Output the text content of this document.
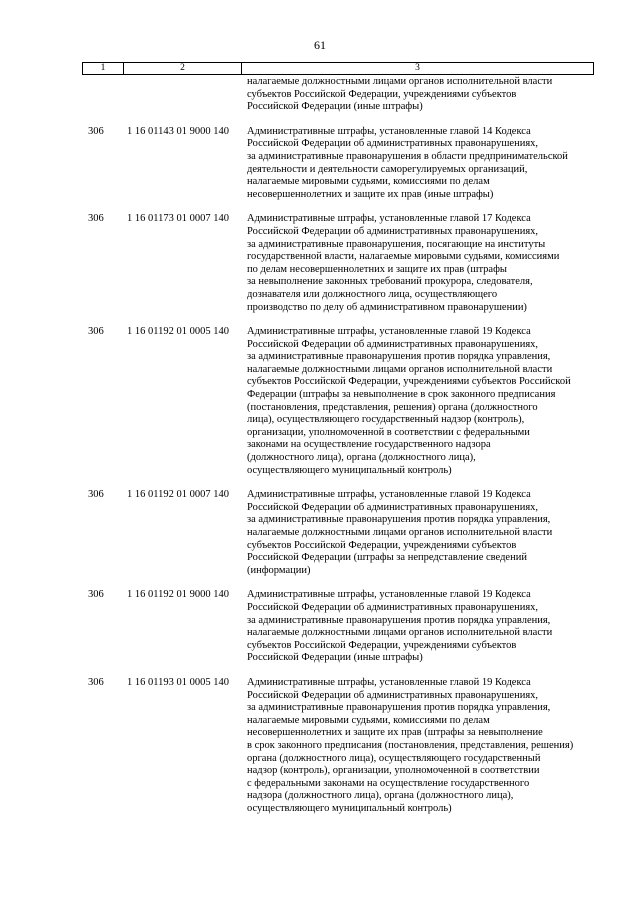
61
1	2	3
налагаемые должностными лицами органов исполнительной власти
субъектов Российской Федерации, учреждениями субъектов
Российской Федерации (иные штрафы)
306	1 16 01143 01 9000 140	Административные штрафы, установленные главой 14 Кодекса
Российской Федерации об административных правонарушениях,
за административные правонарушения в области предпринимательской
деятельности и деятельности саморегулируемых организаций,
налагаемые мировыми судьями, комиссиями по делам
несовершеннолетних и защите их прав (иные штрафы)
306	1 16 01173 01 0007 140	Административные штрафы, установленные главой 17 Кодекса
Российской Федерации об административных правонарушениях,
за административные правонарушения, посягающие на институты
государственной власти, налагаемые мировыми судьями, комиссиями
по делам несовершеннолетних и защите их прав (штрафы
за невыполнение законных требований прокурора, следователя,
дознавателя или должностного лица, осуществляющего
производство по делу об административном правонарушении)
306	1 16 01192 01 0005 140	Административные штрафы, установленные главой 19 Кодекса
Российской Федерации об административных правонарушениях,
за административные правонарушения против порядка управления,
налагаемые должностными лицами органов исполнительной власти
субъектов Российской Федерации, учреждениями субъектов Российской
Федерации (штрафы за невыполнение в срок законного предписания
(постановления, представления, решения) органа (должностного
лица), осуществляющего государственный надзор (контроль),
организации, уполномоченной в соответствии с федеральными
законами на осуществление государственного надзора
(должностного лица), органа (должностного лица),
осуществляющего муниципальный контроль)
306	1 16 01192 01 0007 140	Административные штрафы, установленные главой 19 Кодекса
Российской Федерации об административных правонарушениях,
за административные правонарушения против порядка управления,
налагаемые должностными лицами органов исполнительной власти
субъектов Российской Федерации, учреждениями субъектов
Российской Федерации (штрафы за непредставление сведений
(информации)
306	1 16 01192 01 9000 140	Административные штрафы, установленные главой 19 Кодекса
Российской Федерации об административных правонарушениях,
за административные правонарушения против порядка управления,
налагаемые должностными лицами органов исполнительной власти
субъектов Российской Федерации, учреждениями субъектов
Российской Федерации (иные штрафы)
306	1 16 01193 01 0005 140	Административные штрафы, установленные главой 19 Кодекса
Российской Федерации об административных правонарушениях,
за административные правонарушения против порядка управления,
налагаемые мировыми судьями, комиссиями по делам
несовершеннолетних и защите их прав (штрафы за невыполнение
в срок законного предписания (постановления, представления, решения)
органа (должностного лица), осуществляющего государственный
надзор (контроль), организации, уполномоченной в соответствии
с федеральными законами на осуществление государственного
надзора (должностного лица), органа (должностного лица),
осуществляющего муниципальный контроль)
